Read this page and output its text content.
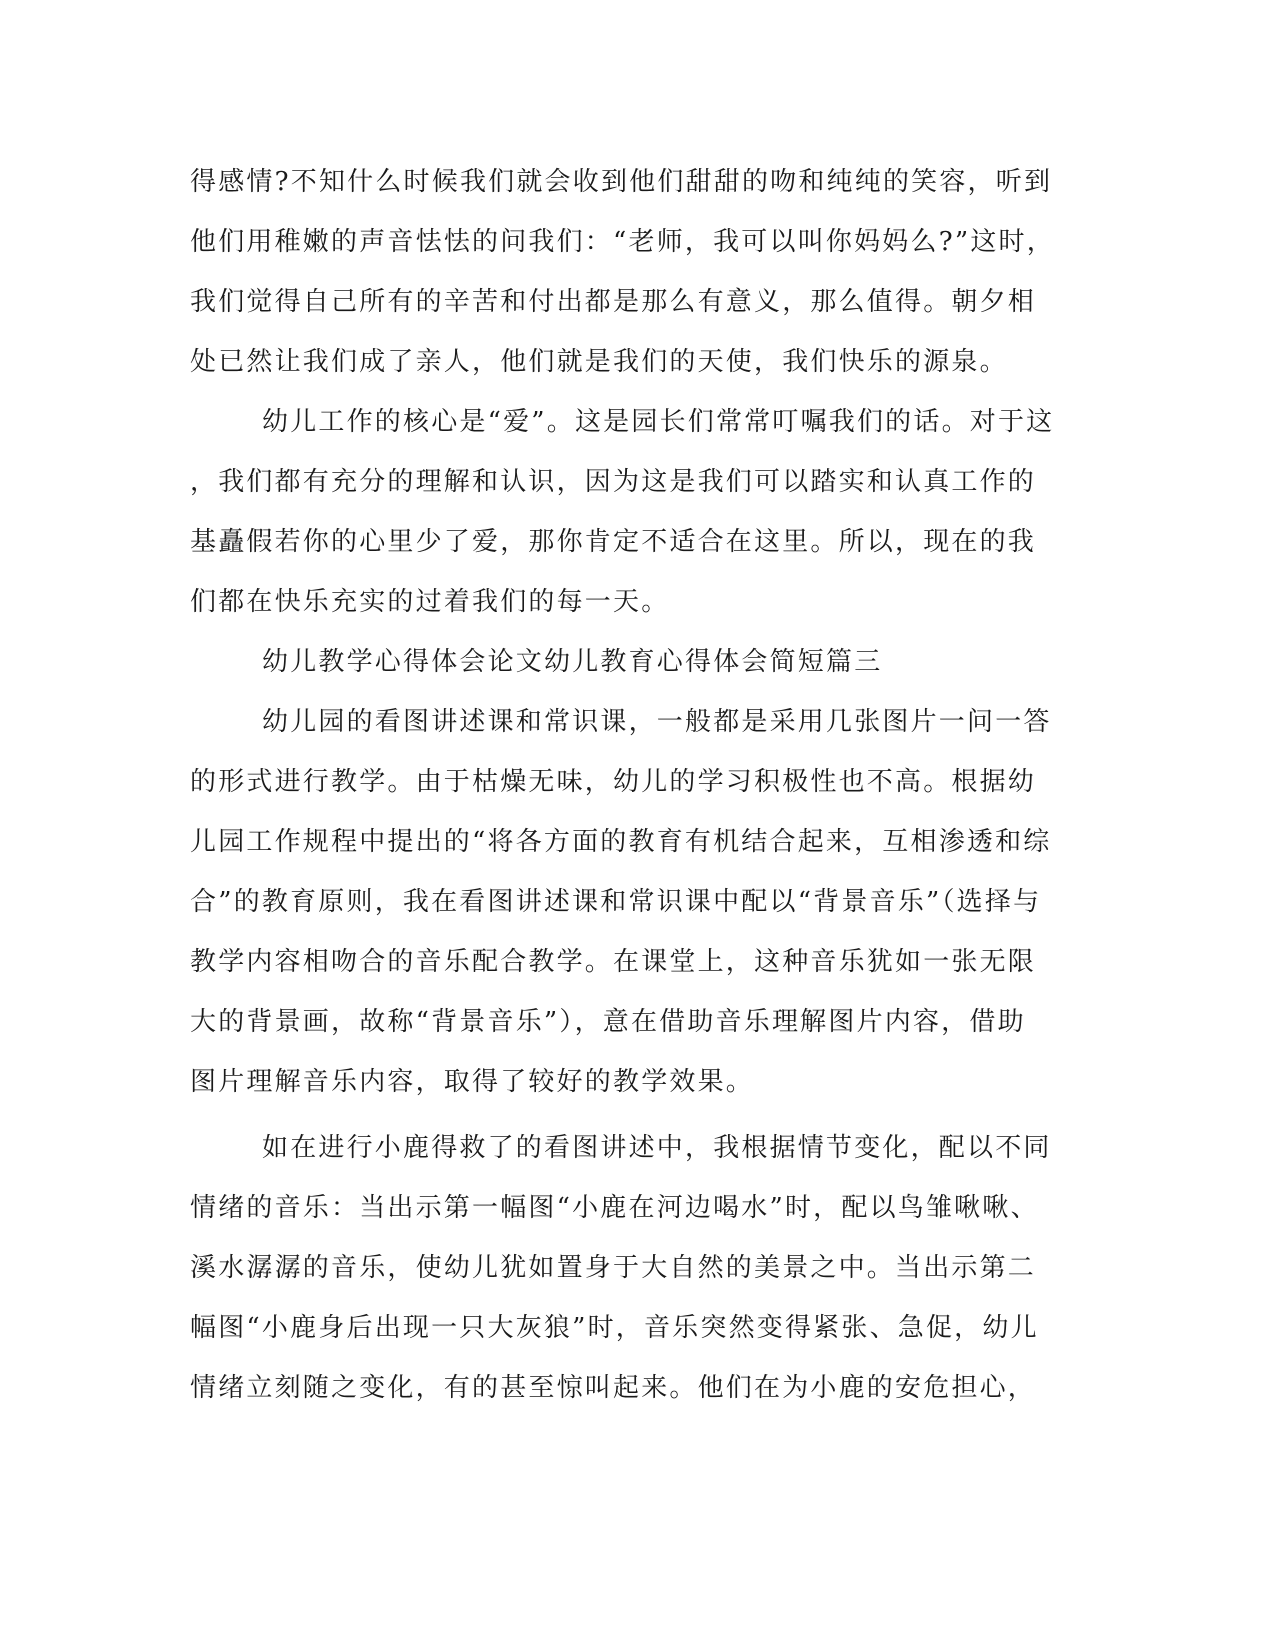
得感情?不知什么时候我们就会收到他们甜甜的吻和纯纯的笑容，听到
他们用稚嫩的声音怯怯的问我们：“老师，我可以叫你妈妈么?”这时，
我们觉得自己所有的辛苦和付出都是那么有意义，那么值得。朝夕相
处已然让我们成了亲人，他们就是我们的天使，我们快乐的源泉。
幼儿工作的核心是“爱”。这是园长们常常叮嘱我们的话。对于这
，我们都有充分的理解和认识，因为这是我们可以踏实和认真工作的
基矗假若你的心里少了爱，那你肯定不适合在这里。所以，现在的我
们都在快乐充实的过着我们的每一天。
幼儿教学心得体会论文幼儿教育心得体会简短篇三
幼儿园的看图讲述课和常识课，一般都是采用几张图片一问一答
的形式进行教学。由于枯燥无味，幼儿的学习积极性也不高。根据幼
儿园工作规程中提出的“将各方面的教育有机结合起来，互相渗透和综
合”的教育原则，我在看图讲述课和常识课中配以“背景音乐”（选择与
教学内容相吻合的音乐配合教学。在课堂上，这种音乐犹如一张无限
大的背景画，故称“背景音乐”），意在借助音乐理解图片内容，借助
图片理解音乐内容，取得了较好的教学效果。
如在进行小鹿得救了的看图讲述中，我根据情节变化，配以不同
情绪的音乐：当出示第一幅图“小鹿在河边喝水”时，配以鸟雏啾啾、
溪水潺潺的音乐，使幼儿犹如置身于大自然的美景之中。当出示第二
幅图“小鹿身后出现一只大灰狼”时，音乐突然变得紧张、急促，幼儿
情绪立刻随之变化，有的甚至惊叫起来。他们在为小鹿的安危担心，
